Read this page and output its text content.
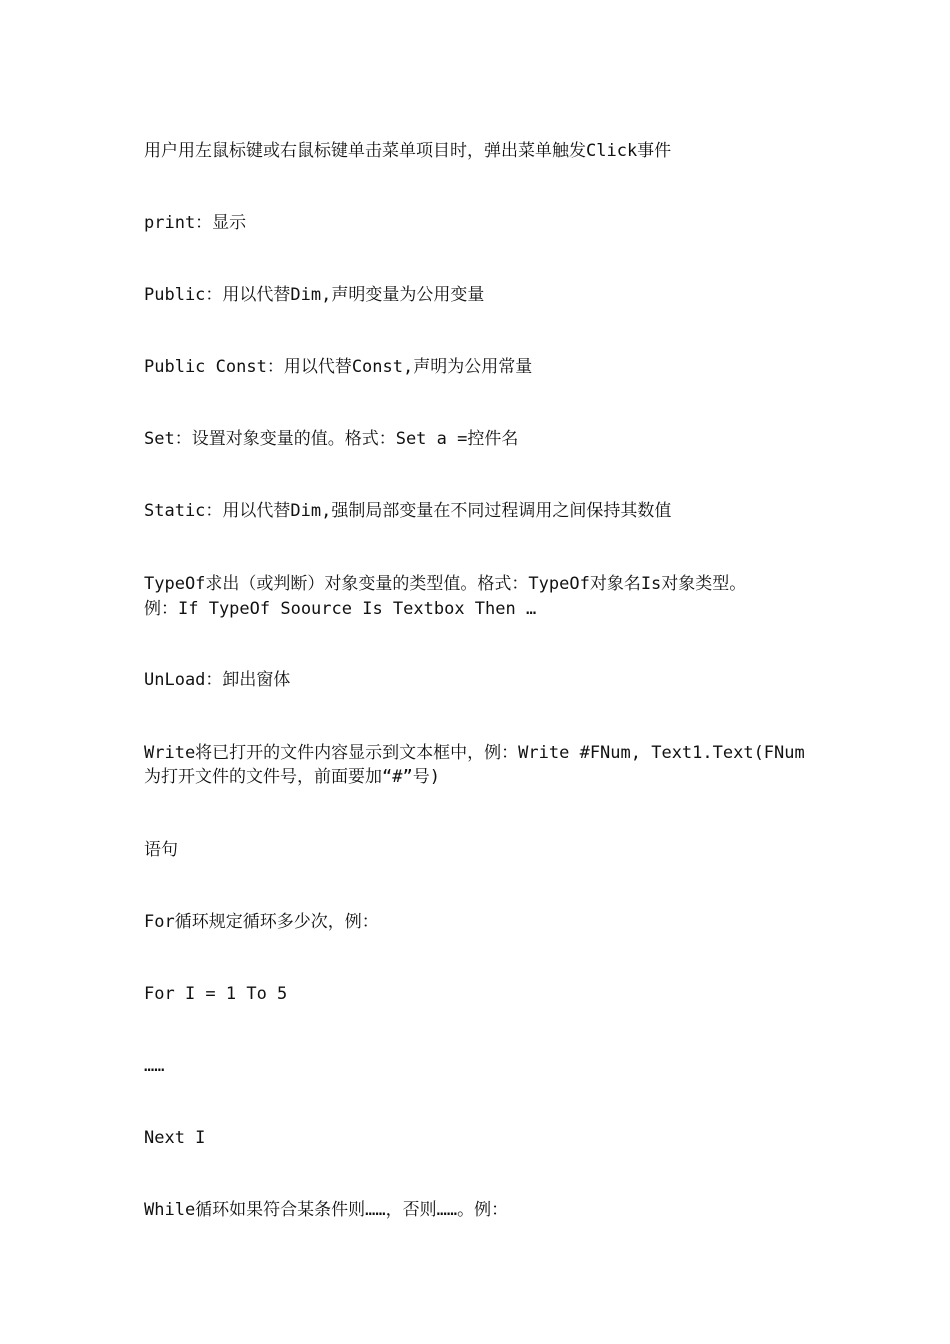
用户用左鼠标键或右鼠标键单击菜单项目时，弹出菜单触发Click事件
print：显示
Public：用以代替Dim,声明变量为公用变量
Public Const：用以代替Const,声明为公用常量
Set：设置对象变量的值。格式：Set a =控件名
Static：用以代替Dim,强制局部变量在不同过程调用之间保持其数值
TypeOf求出（或判断）对象变量的类型值。格式：TypeOf对象名Is对象类型。
例：If TypeOf Soource Is Textbox Then …
UnLoad：卸出窗体
Write将已打开的文件内容显示到文本框中，例：Write #FNum, Text1.Text(FNum
为打开文件的文件号，前面要加“#”号)
语句
For循环规定循环多少次，例：
For I = 1 To 5
……
Next I
While循环如果符合某条件则……，否则……。例：
